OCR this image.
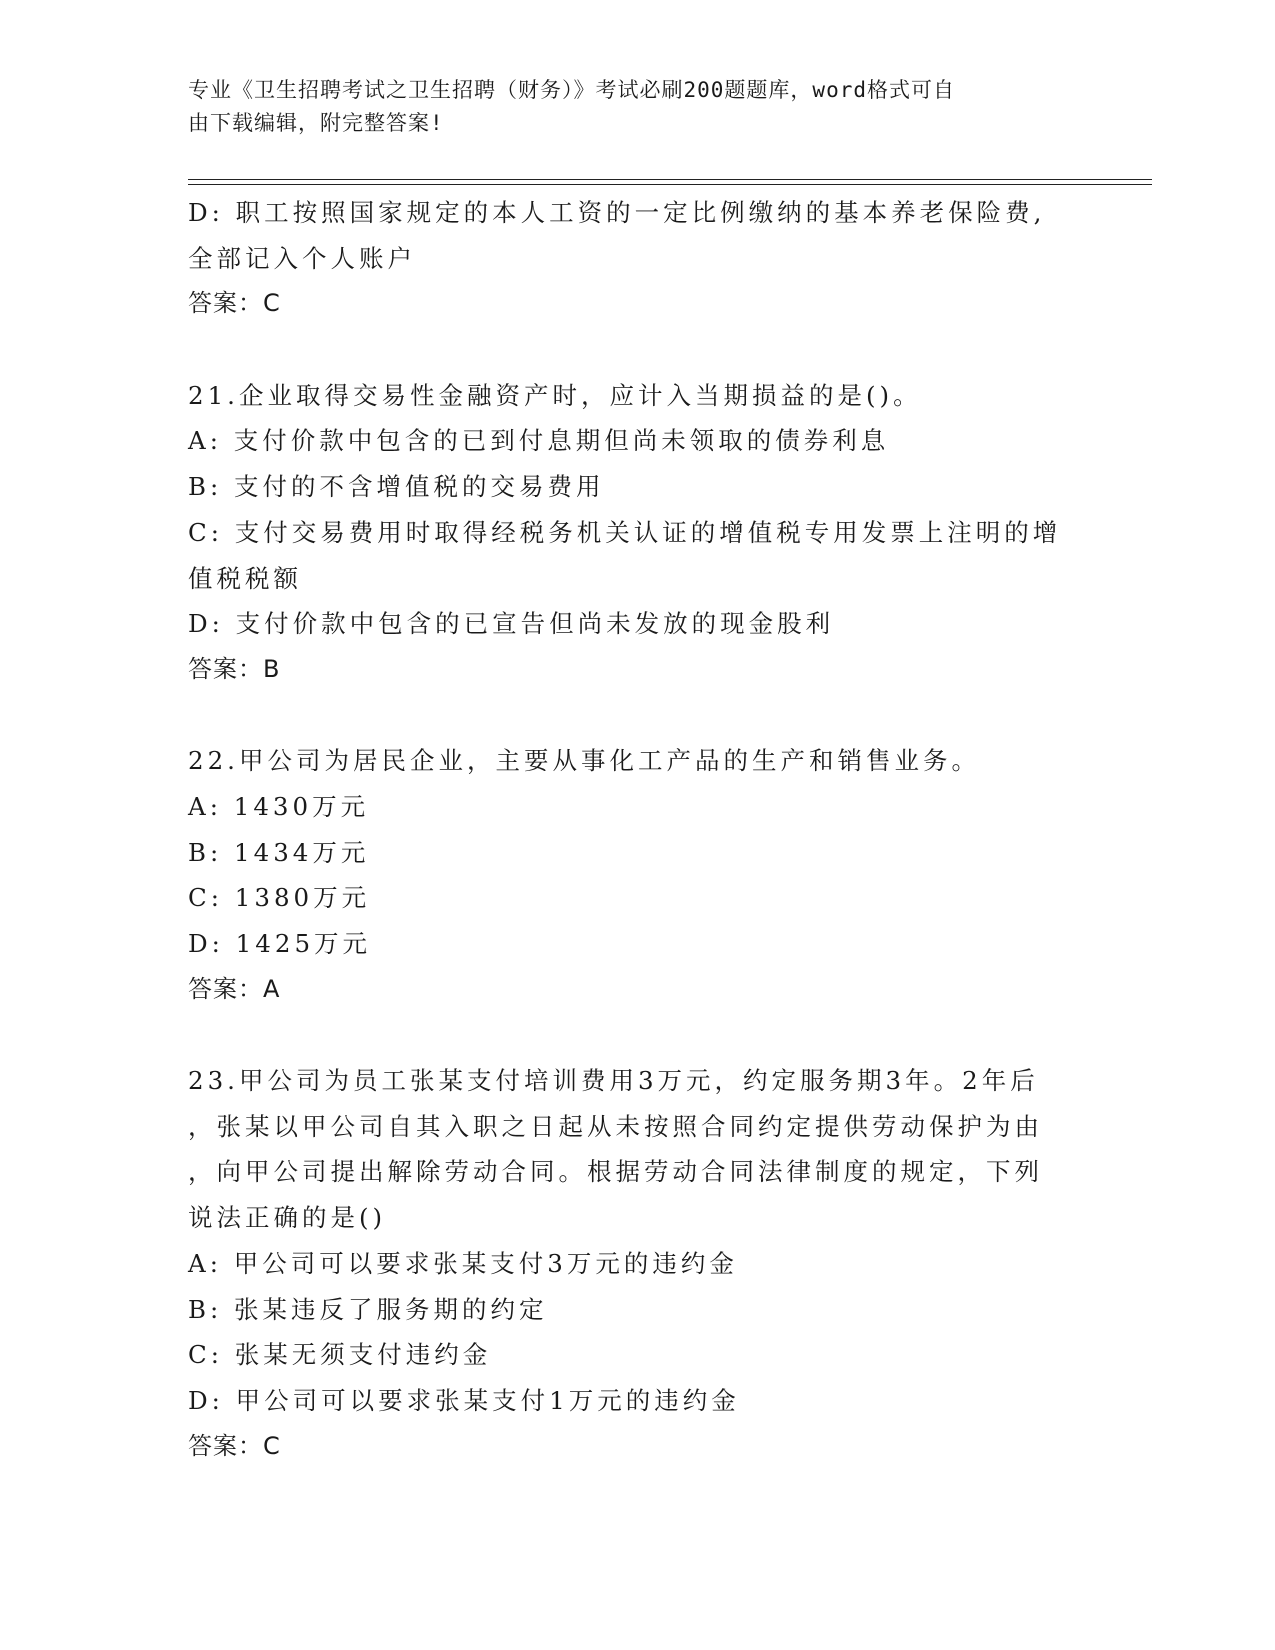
专业《卫生招聘考试之卫生招聘（财务）》考试必刷200题题库，word格式可自
由下载编辑，附完整答案!
D: 职工按照国家规定的本人工资的一定比例缴纳的基本养老保险费,
全部记入个人账户
答案：C
21.企业取得交易性金融资产时，应计入当期损益的是()。
A: 支付价款中包含的已到付息期但尚未领取的债券利息
B: 支付的不含增值税的交易费用
C: 支付交易费用时取得经税务机关认证的增值税专用发票上注明的增
值税税额
D: 支付价款中包含的已宣告但尚未发放的现金股利
答案：B
22.甲公司为居民企业，主要从事化工产品的生产和销售业务。
A: 1430万元
B: 1434万元
C: 1380万元
D: 1425万元
答案：A
23.甲公司为员工张某支付培训费用3万元，约定服务期3年。2年后
，张某以甲公司自其入职之日起从未按照合同约定提供劳动保护为由
，向甲公司提出解除劳动合同。根据劳动合同法律制度的规定，下列
说法正确的是()
A: 甲公司可以要求张某支付3万元的违约金
B: 张某违反了服务期的约定
C: 张某无须支付违约金
D: 甲公司可以要求张某支付1万元的违约金
答案：C
